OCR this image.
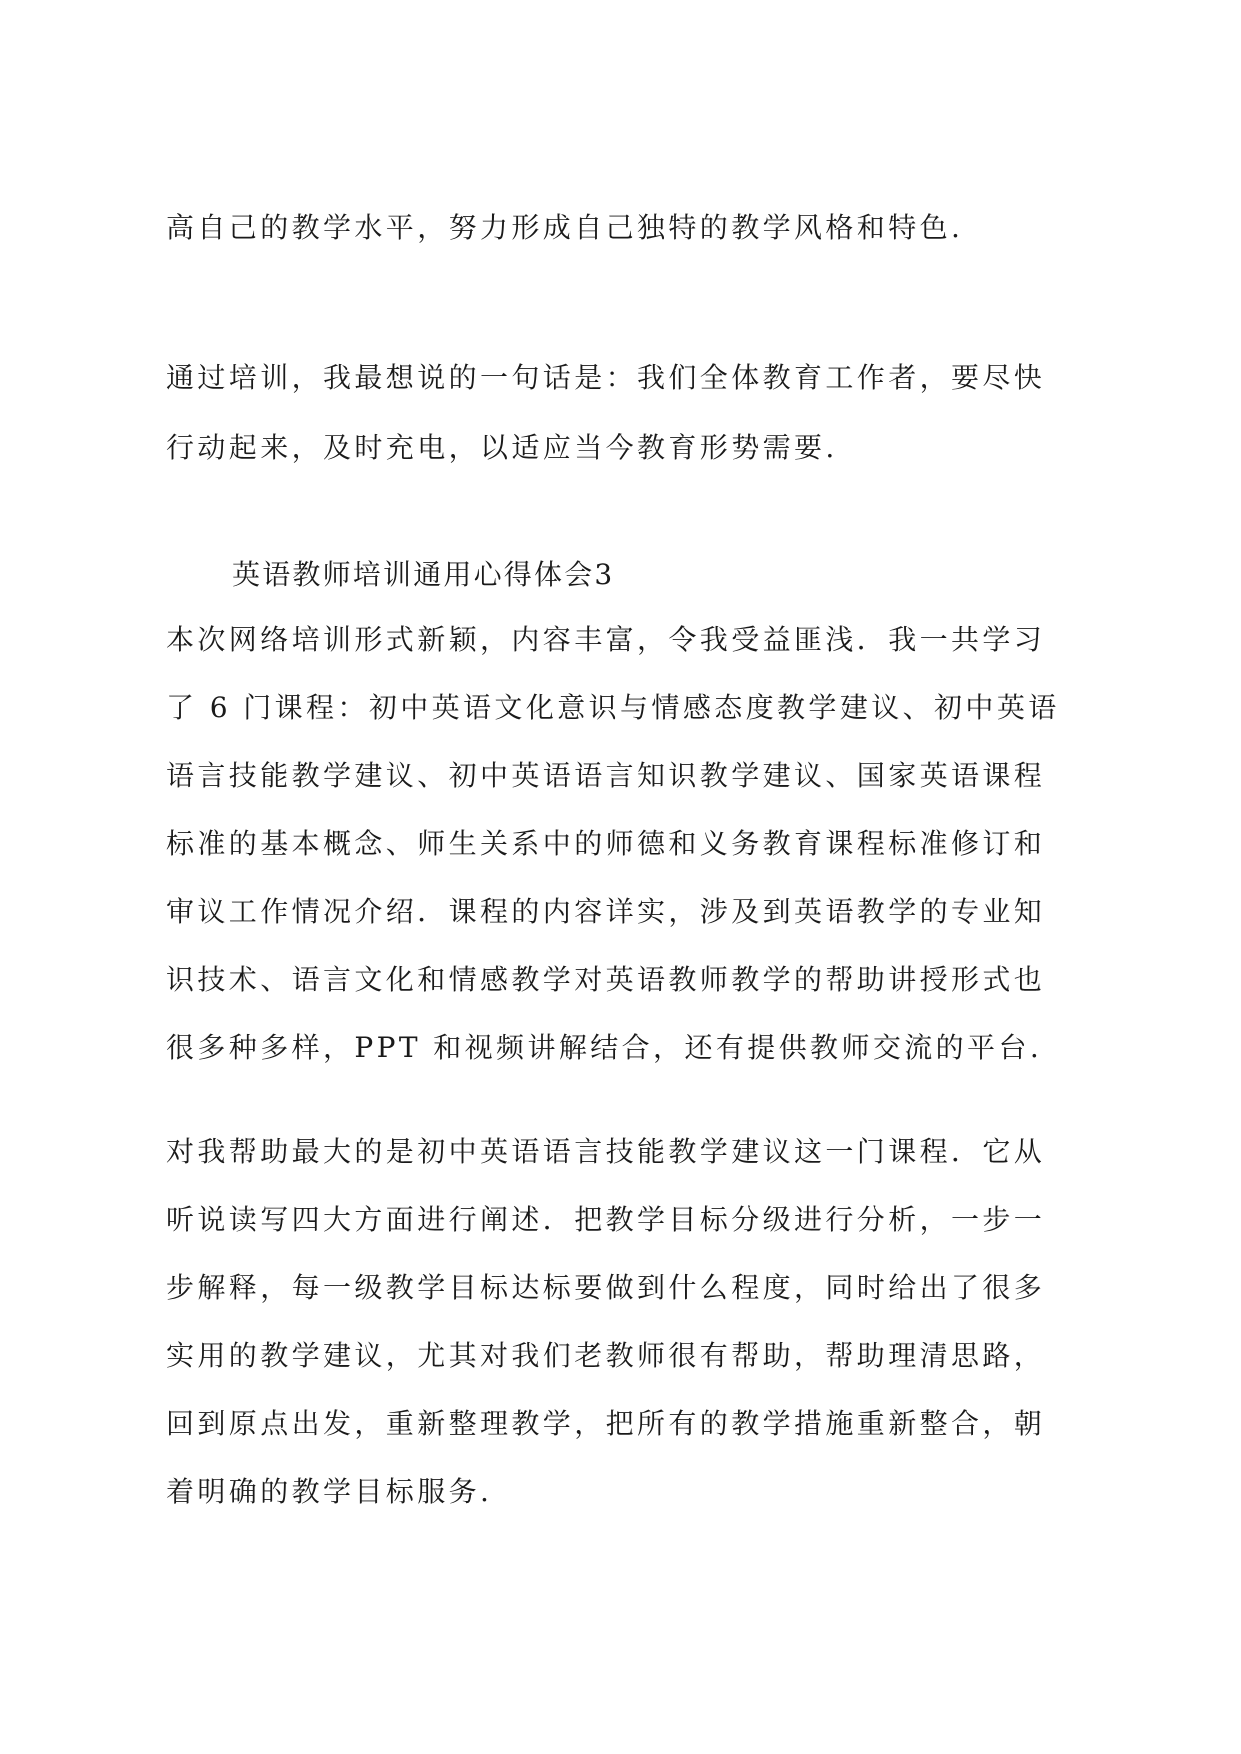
高自己的教学水平，努力形成自己独特的教学风格和特色.
通过培训，我最想说的一句话是：我们全体教育工作者，要尽快
行动起来，及时充电，以适应当今教育形势需要.
英语教师培训通用心得体会3
本次网络培训形式新颖，内容丰富，令我受益匪浅．我一共学习
了 6 门课程：初中英语文化意识与情感态度教学建议、初中英语
语言技能教学建议、初中英语语言知识教学建议、国家英语课程
标准的基本概念、师生关系中的师德和义务教育课程标准修订和
审议工作情况介绍．课程的内容详实，涉及到英语教学的专业知
识技术、语言文化和情感教学对英语教师教学的帮助讲授形式也
很多种多样，PPT 和视频讲解结合，还有提供教师交流的平台.
对我帮助最大的是初中英语语言技能教学建议这一门课程．它从
听说读写四大方面进行阐述．把教学目标分级进行分析，一步一
步解释，每一级教学目标达标要做到什么程度，同时给出了很多
实用的教学建议，尤其对我们老教师很有帮助，帮助理清思路，
回到原点出发，重新整理教学，把所有的教学措施重新整合，朝
着明确的教学目标服务.
